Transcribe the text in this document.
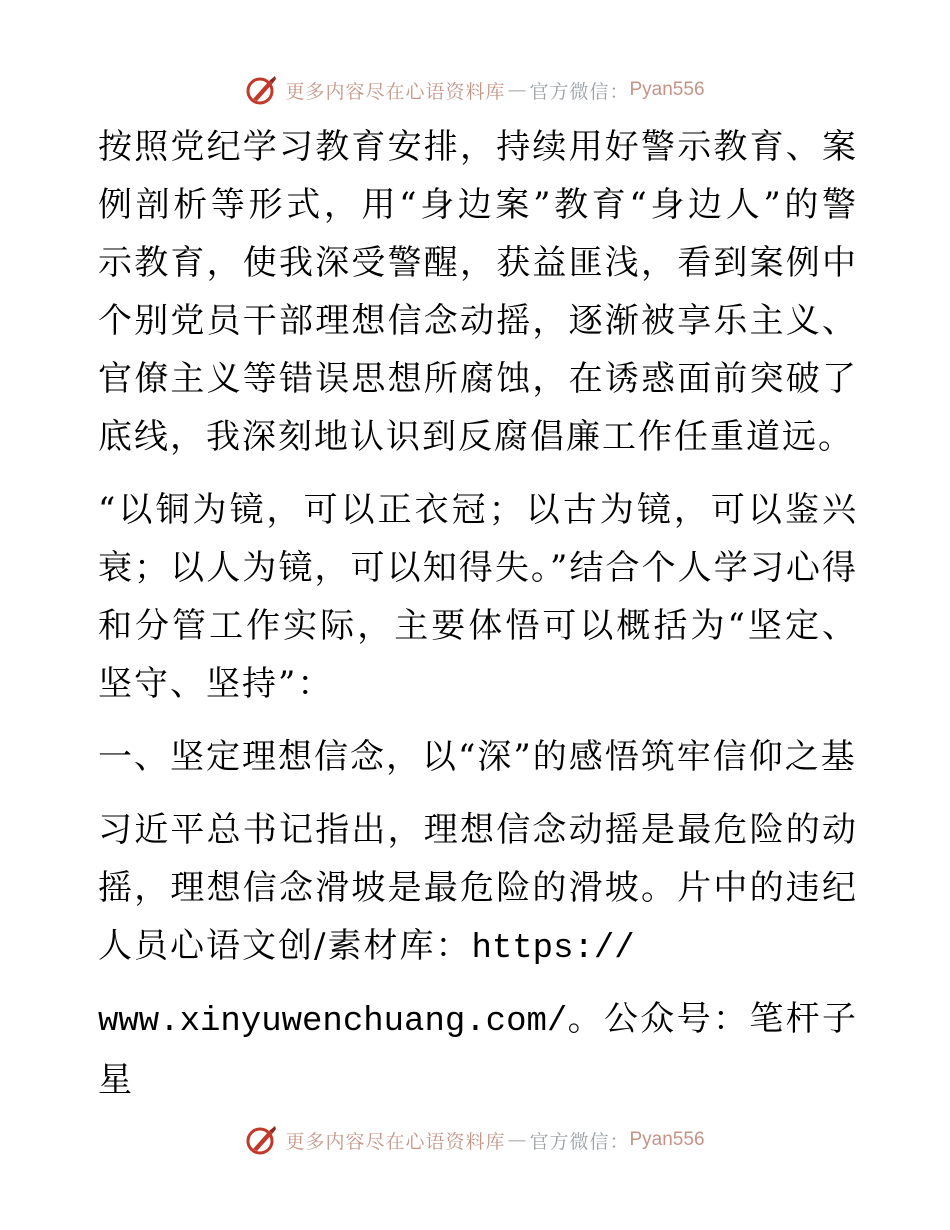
更多内容尽在心语资料库 — 官方微信： Pyan556

按照党纪学习教育安排，持续用好警示教育、案例剖析等形式，用“身边案”教育“身边人”的警示教育，使我深受警醒，获益匪浅，看到案例中个别党员干部理想信念动摇，逐渐被享乐主义、官僚主义等错误思想所腐蚀，在诱惑面前突破了底线，我深刻地认识到反腐倡廉工作任重道远。

“以铜为镜，可以正衣冠；以古为镜，可以鉴兴衰；以人为镜，可以知得失。”结合个人学习心得和分管工作实际，主要体悟可以概括为“坚定、坚守、坚持”：

一、坚定理想信念，以“深”的感悟筑牢信仰之基

习近平总书记指出，理想信念动摇是最危险的动摇，理想信念滑坡是最危险的滑坡。片中的违纪人员心语文创/素材库：https://

www.xinyuwenchuang.com/。公众号：笔杆子星

更多内容尽在心语资料库 — 官方微信： Pyan556
